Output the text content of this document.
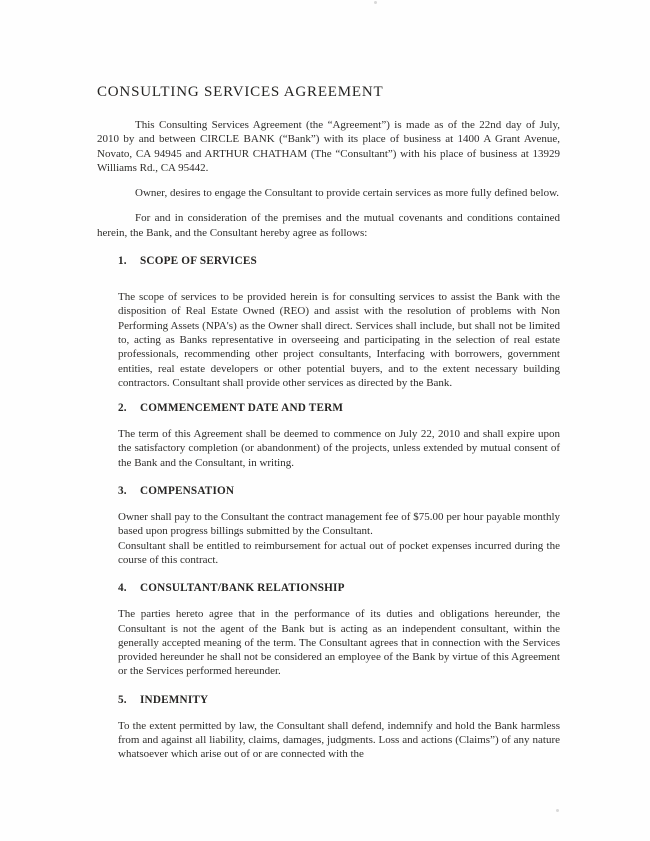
CONSULTING SERVICES AGREEMENT

This Consulting Services Agreement (the “Agreement”) is made as of the 22nd day of July, 2010 by and between CIRCLE BANK (“Bank”) with its place of business at 1400 A Grant Avenue, Novato, CA 94945 and ARTHUR CHATHAM (The “Consultant”) with his place of business at 13929 Williams Rd., CA 95442.

Owner, desires to engage the Consultant to provide certain services as more fully defined below.

For and in consideration of the premises and the mutual covenants and conditions contained herein, the Bank, and the Consultant hereby agree as follows:

1. SCOPE OF SERVICES

The scope of services to be provided herein is for consulting services to assist the Bank with the disposition of Real Estate Owned (REO) and assist with the resolution of problems with Non Performing Assets (NPA's) as the Owner shall direct. Services shall include, but shall not be limited to, acting as Banks representative in overseeing and participating in the selection of real estate professionals, recommending other project consultants, Interfacing with borrowers, government entities, real estate developers or other potential buyers, and to the extent necessary building contractors. Consultant shall provide other services as directed by the Bank.

2. COMMENCEMENT DATE AND TERM

The term of this Agreement shall be deemed to commence on July 22, 2010 and shall expire upon the satisfactory completion (or abandonment) of the projects, unless extended by mutual consent of the Bank and the Consultant, in writing.

3. COMPENSATION

Owner shall pay to the Consultant the contract management fee of $75.00 per hour payable monthly based upon progress billings submitted by the Consultant.

Consultant shall be entitled to reimbursement for actual out of pocket expenses incurred during the course of this contract.

4. CONSULTANT/BANK RELATIONSHIP

The parties hereto agree that in the performance of its duties and obligations hereunder, the Consultant is not the agent of the Bank but is acting as an independent consultant, within the generally accepted meaning of the term. The Consultant agrees that in connection with the Services provided hereunder he shall not be considered an employee of the Bank by virtue of this Agreement or the Services performed hereunder.

5. INDEMNITY

To the extent permitted by law, the Consultant shall defend, indemnify and hold the Bank harmless from and against all liability, claims, damages, judgments. Loss and actions (Claims”) of any nature whatsoever which arise out of or are connected with the
